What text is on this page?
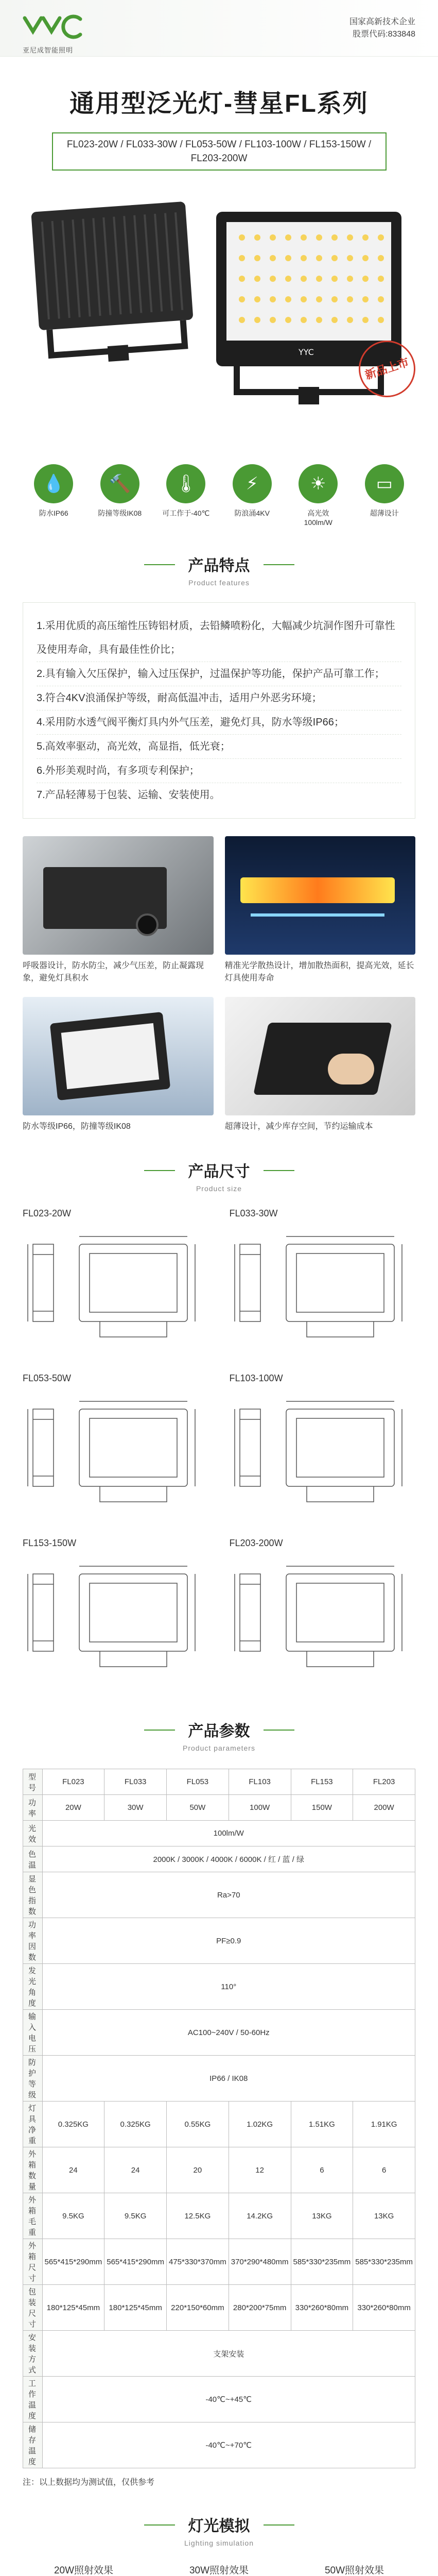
亚尼成智能照明
国家高新技术企业
股票代码:833848
通用型泛光灯-彗星FL系列
FL023-20W / FL033-30W / FL053-50W / FL103-100W / FL153-150W / FL203-200W
YYC
新品上市
💧
防水IP66
🔨
防撞等级IK08
🌡
可工作于-40℃
⚡
防浪涌4KV
☀
高光效 100lm/W
▭
超薄设计
产品特点
Product features
1.采用优质的高压缩性压铸铝材质，去铅鳞喷粉化，大幅减少坑洞作图升可靠性及使用寿命，具有最佳性价比；
2.具有输入欠压保护，输入过压保护，过温保护等功能，保护产品可靠工作；
3.符合4KV浪涌保护等级，耐高低温冲击，适用户外恶劣环境；
4.采用防水透气阀平衡灯具内外气压差，避免灯具，防水等级IP66；
5.高效率驱动，高光效，高显指，低光衰；
6.外形美观时尚，有多项专利保护；
7.产品轻薄易于包装、运输、安装使用。
呼吸器设计，防水防尘，减少气压差，防止凝露现象，避免灯具积水
精准光学散热设计，增加散热面积，提高光效，延长灯具使用寿命
防水等级IP66，防撞等级IK08	超薄设计，减少库存空间，节约运输成本
产品尺寸
Product size
FL023-20W	FL033-30W
FL053-50W	FL103-100W
FL153-150W	FL203-200W
产品参数
Product parameters
型号	FL023	FL033	FL053	FL103	FL153	FL203
功率	20W	30W	50W	100W	150W	200W
光效	100lm/W					
色温	2000K / 3000K / 4000K / 6000K / 红 / 蓝 / 绿					
显色指数	Ra>70					
功率因数	PF≥0.9					
发光角度	110°					
输入电压	AC100~240V / 50-60Hz					
防护等级	IP66 / IK08					
灯具净重	0.325KG	0.325KG	0.55KG	1.02KG	1.51KG	1.91KG
外箱数量	24	24	20	12	6	6
外箱毛重	9.5KG	9.5KG	12.5KG	14.2KG	13KG	13KG
外箱尺寸	565*415*290mm	565*415*290mm	475*330*370mm	370*290*480mm	585*330*235mm	585*330*235mm
包装尺寸	180*125*45mm	180*125*45mm	220*150*60mm	280*200*75mm	330*260*80mm	330*260*80mm
安装方式	支架安装					
工作温度	-40℃~+45℃					
储存温度	-40℃~+70℃					
注：以上数据均为测试值，仅供参考
灯光模拟
Lighting simulation
20W照射效果

		30W照射效果

		50W照射效果
